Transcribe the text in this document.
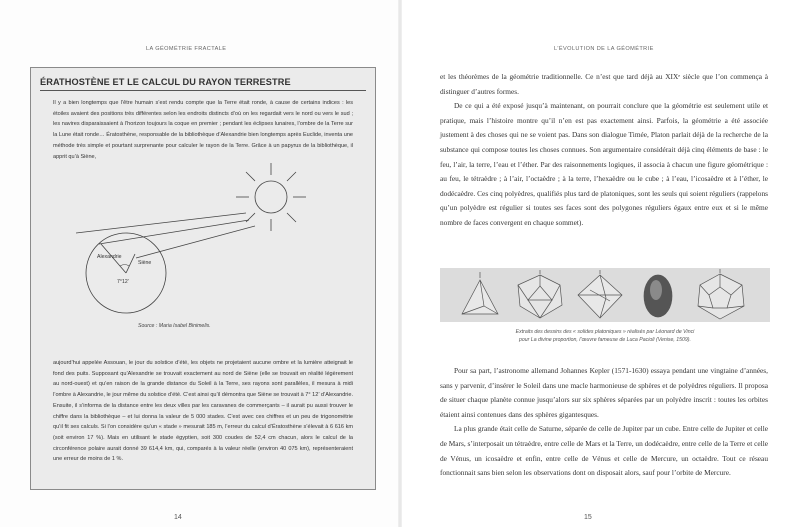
LA GÉOMÉTRIE FRACTALE
ÉRATHOSTÈNE ET LE CALCUL DU RAYON TERRESTRE

Il y a bien longtemps que l’être humain s’est rendu compte que la Terre était ronde, à cause de certains indices : les étoiles avaient des positions très différentes selon les endroits distincts d’où on les regardait vers le nord ou vers le sud ; les navires disparaissaient à l’horizon toujours la coque en premier ; pendant les éclipses lunaires, l’ombre de la Terre sur la Lune était ronde… Ératosthène, responsable de la bibliothèque d’Alexandrie bien longtemps après Euclide, inventa une méthode très simple et pourtant surprenante pour calculer le rayon de la Terre. Grâce à un papyrus de la bibliothèque, il apprit qu’à Siène,

Alexandrie
Siène
7°12’
Source : Maria Isabel Binimelis.

aujourd’hui appelée Assouan, le jour du solstice d’été, les objets ne projetaient aucune ombre et la lumière atteignait le fond des puits. Supposant qu’Alexandrie se trouvait exactement au nord de Siène (elle se trouvait en réalité légèrement au nord-ouest) et qu’en raison de la grande distance du Soleil à la Terre, ses rayons sont parallèles, il mesura à midi l’ombre à Alexandrie, le jour même du solstice d’été. C’est ainsi qu’il démontra que Siène se trouvait à 7° 12’ d’Alexandrie. Ensuite, il s’informa de la distance entre les deux villes par les caravanes de commerçants – il aurait pu aussi trouver le chiffre dans la bibliothèque – et lui donna la valeur de 5 000 stades. C’est avec ces chiffres et un peu de trigonométrie qu’il fit ses calculs. Si l’on considère qu’un « stade » mesurait 185 m, l’erreur du calcul d’Ératosthène s’élevait à 6 616 km (soit environ 17 %). Mais en utilisant le stade égyptien, soit 300 coudes de 52,4 cm chacun, alors le calcul de la circonférence polaire aurait donné 39 614,4 km, qui, comparés à la valeur réelle (environ 40 075 km), représenteraient une erreur de moins de 1 %.

14
L’ÉVOLUTION DE LA GÉOMÉTRIE

et les théorèmes de la géométrie traditionnelle. Ce n’est que tard déjà au XIXᵉ siècle que l’on commença à distinguer d’autres formes.
De ce qui a été exposé jusqu’à maintenant, on pourrait conclure que la géométrie est seulement utile et pratique, mais l’histoire montre qu’il n’en est pas exactement ainsi. Parfois, la géométrie a été associée justement à des choses qui ne se voient pas. Dans son dialogue Timée, Platon parlait déjà de la recherche de la substance qui compose toutes les choses connues. Son argumentaire considérait déjà cinq éléments de base : le feu, l’air, la terre, l’eau et l’éther. Par des raisonnements logiques, il associa à chacun une figure géométrique : au feu, le tétraèdre ; à l’air, l’octaèdre ; à la terre, l’hexaèdre ou le cube ; à l’eau, l’icosaèdre et à l’éther, le dodécaèdre. Ces cinq polyèdres, qualifiés plus tard de platoniques, sont les seuls qui soient réguliers (rappelons qu’un polyèdre est régulier si toutes ses faces sont des polygones réguliers égaux entre eux et si le même nombre de faces convergent en chaque sommet).

Extraits des dessins des « solides platoniques » réalisés par Léonard de Vinci
pour La divine proportion, l’œuvre fameuse de Luca Pacioli (Venise, 1509).

Pour sa part, l’astronome allemand Johannes Kepler (1571-1630) essaya pendant une vingtaine d’années, sans y parvenir, d’insérer le Soleil dans une macle harmonieuse de sphères et de polyèdres réguliers. Il proposa de situer chaque planète connue jusqu’alors sur six sphères séparées par un polyèdre inscrit : toutes les orbites étaient ainsi contenues dans des sphères gigantesques.
La plus grande était celle de Saturne, séparée de celle de Jupiter par un cube. Entre celle de Jupiter et celle de Mars, s’interposait un tétraèdre, entre celle de Mars et la Terre, un dodécaèdre, entre celle de la Terre et celle de Vénus, un icosaèdre et enfin, entre celle de Vénus et celle de Mercure, un octaèdre. Tout ce réseau fonctionnait sans bien selon les observations dont on disposait alors, sauf pour l’orbite de Mercure.

15
